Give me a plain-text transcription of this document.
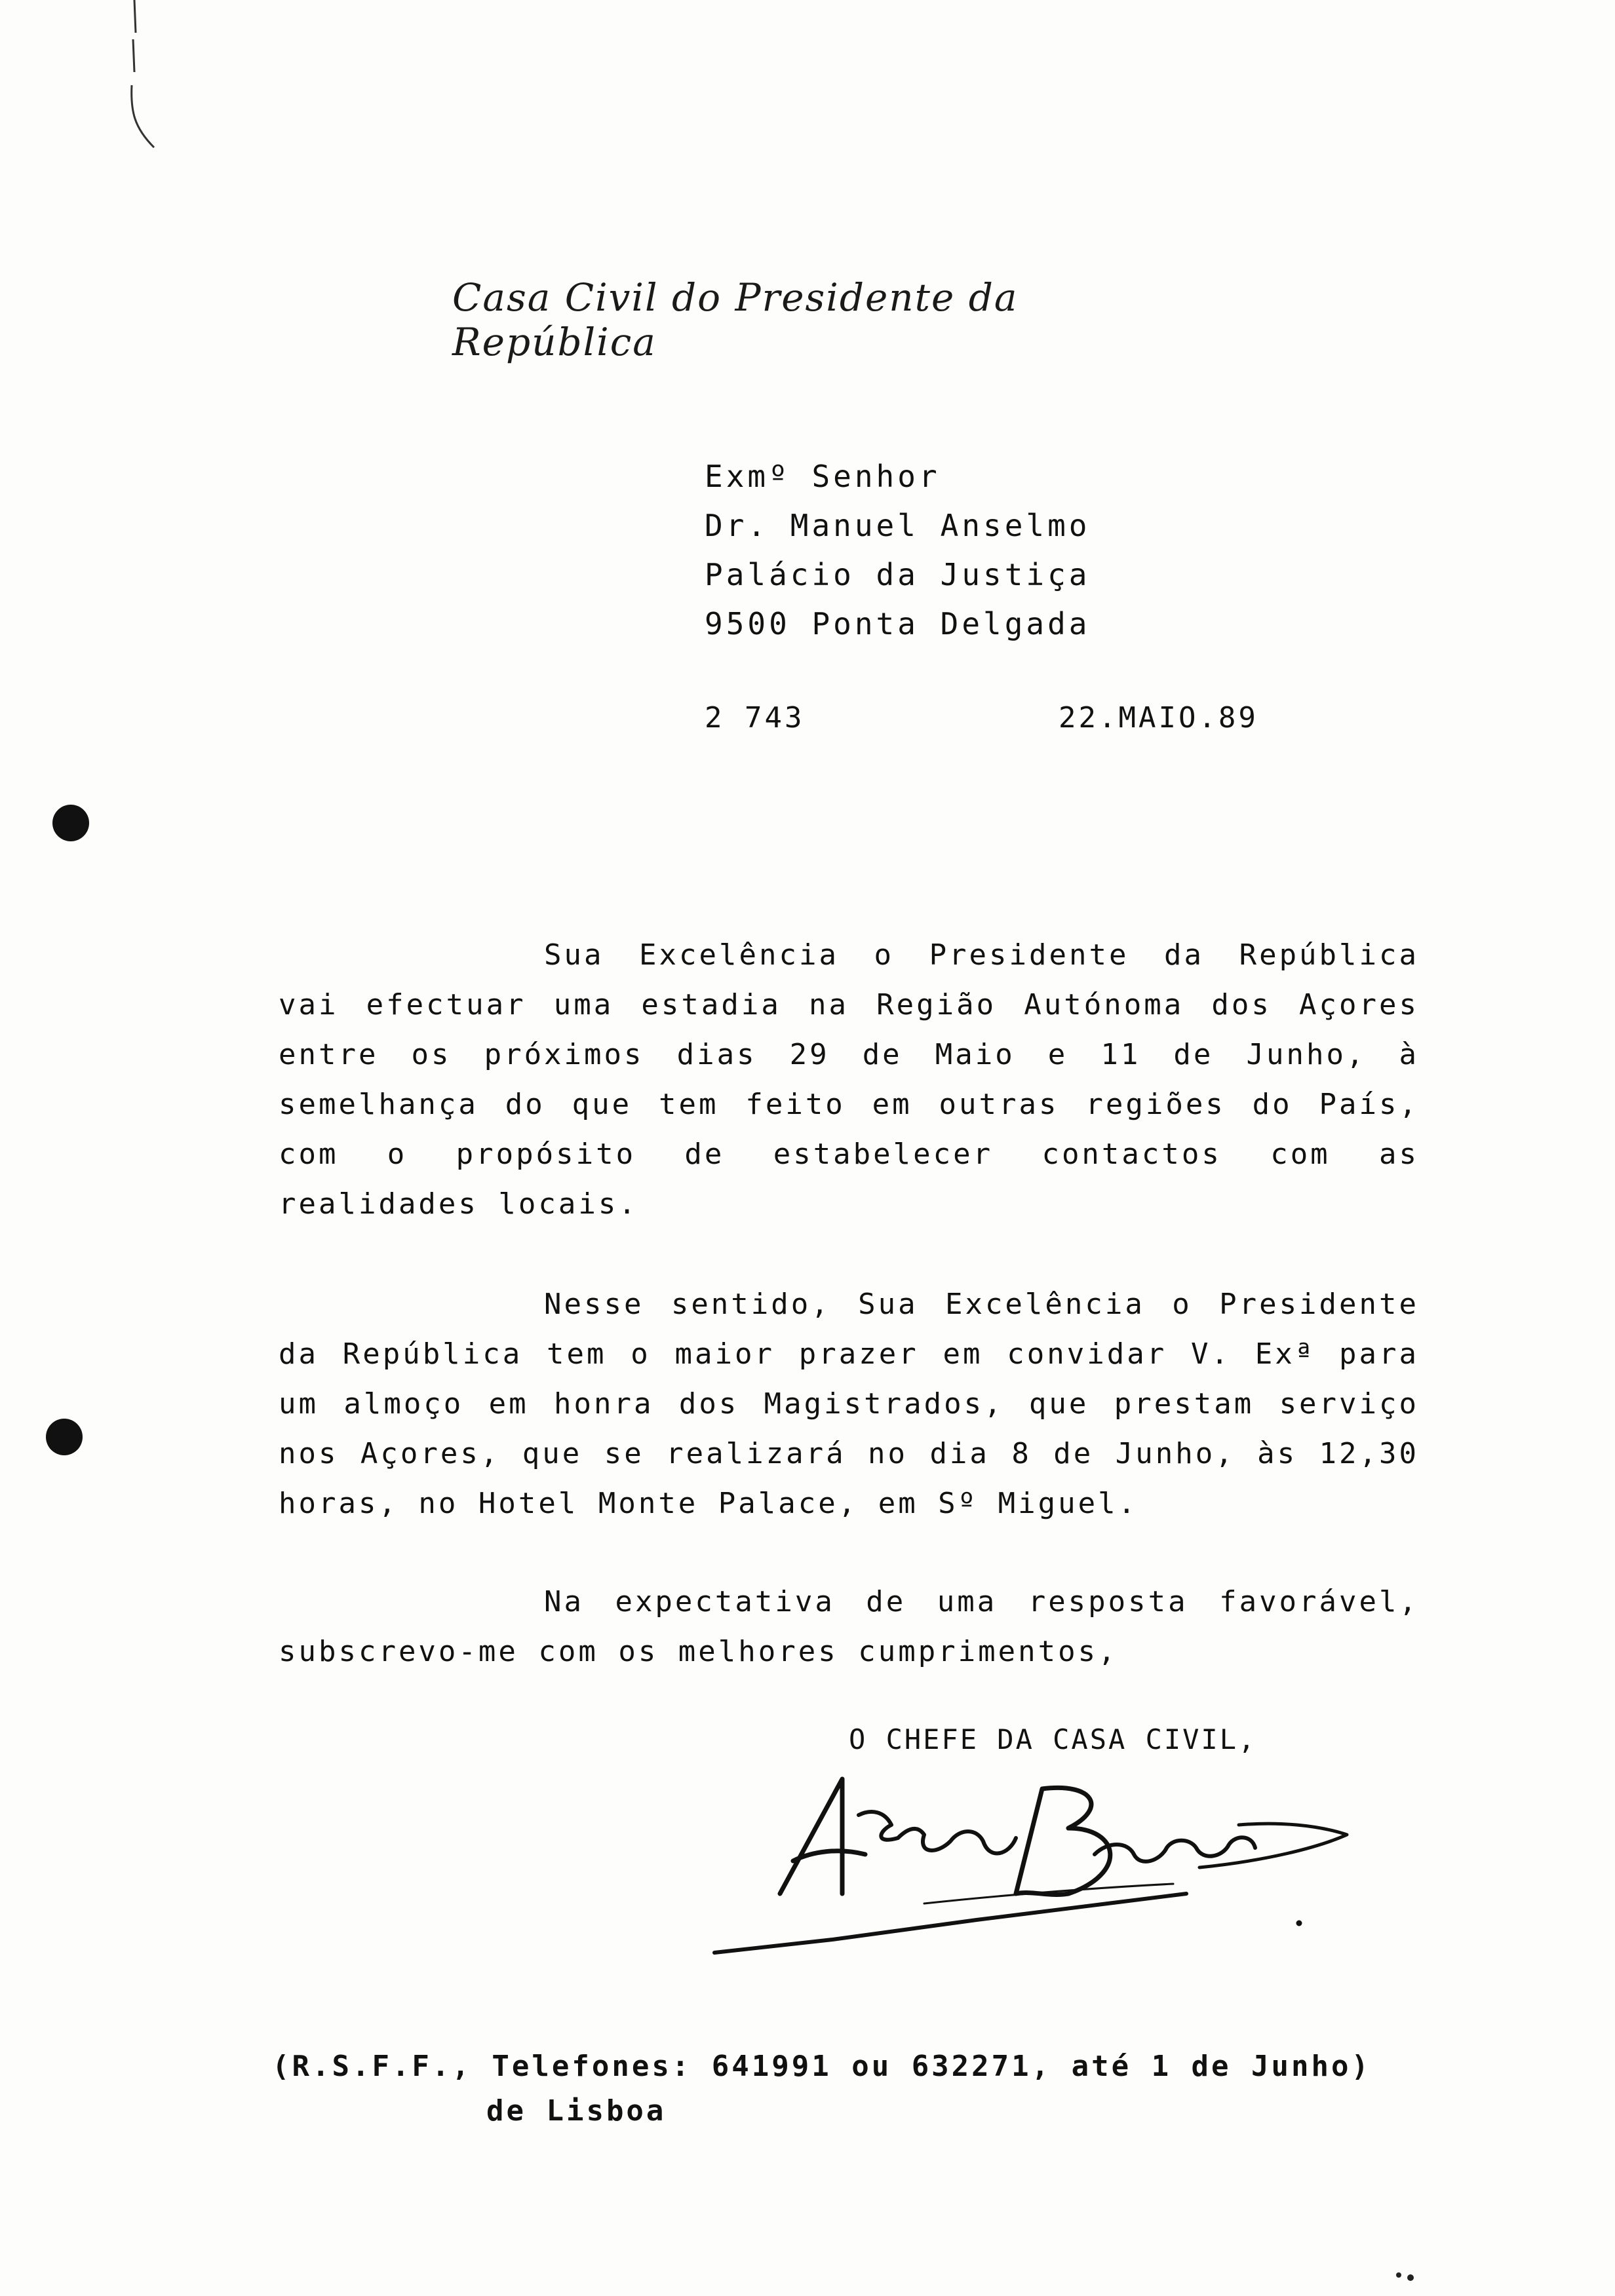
Casa Civil do Presidente da República
Exmº Senhor
Dr. Manuel Anselmo
Palácio da Justiça
9500 Ponta Delgada
2 743	22.MAIO.89

Sua Excelência o Presidente da República vai efectuar uma estadia na Região Autónoma dos Açores entre os próximos dias 29 de Maio e 11 de Junho, à semelhança do que tem feito em outras regiões do País, com o propósito de estabelecer contactos com as realidades locais.

Nesse sentido, Sua Excelência o Presidente da República tem o maior prazer em convidar V. Exª para um almoço em honra dos Magistrados, que prestam serviço nos Açores, que se realizará no dia 8 de Junho, às 12,30 horas, no Hotel Monte Palace, em Sº Miguel.

Na expectativa de uma resposta favorável, subscrevo-me com os melhores cumprimentos,

O CHEFE DA CASA CIVIL,
(R.S.F.F., Telefones: 641991 ou 632271, até 1 de Junho)
de Lisboa
